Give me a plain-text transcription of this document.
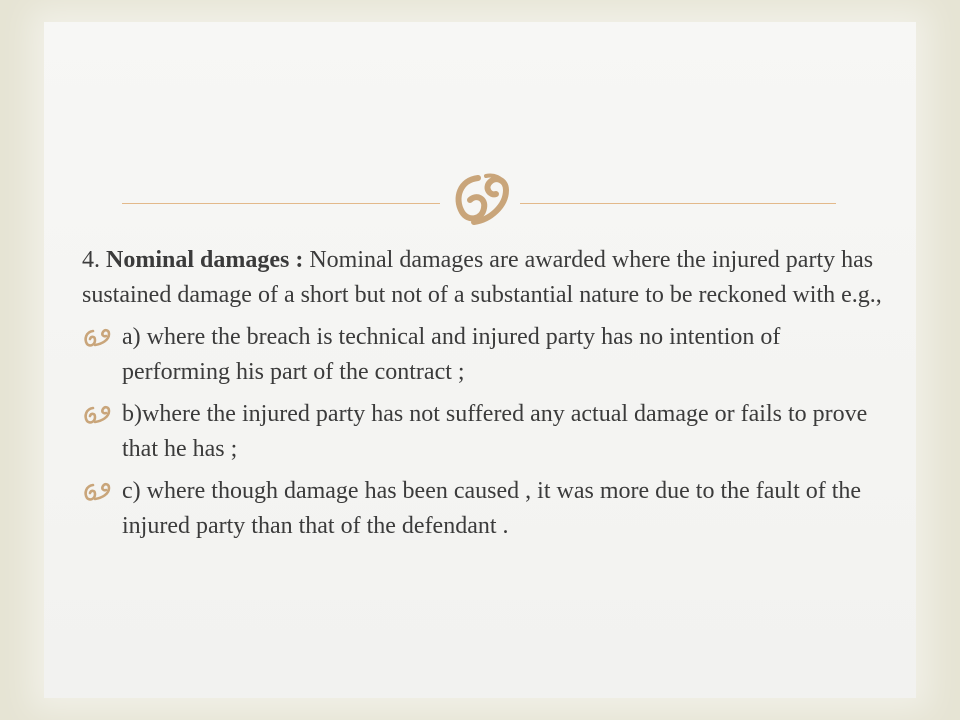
4. Nominal damages : Nominal damages are awarded where the injured party has sustained damage of a short but not of a substantial nature to be reckoned with e.g.,

a) where the breach is technical and injured party has no intention of performing his part of the contract ;
b)where the injured party has not suffered any actual damage or fails to prove that he has ;
c) where though damage has been caused , it was more due to the fault of the injured party than that of the defendant .
